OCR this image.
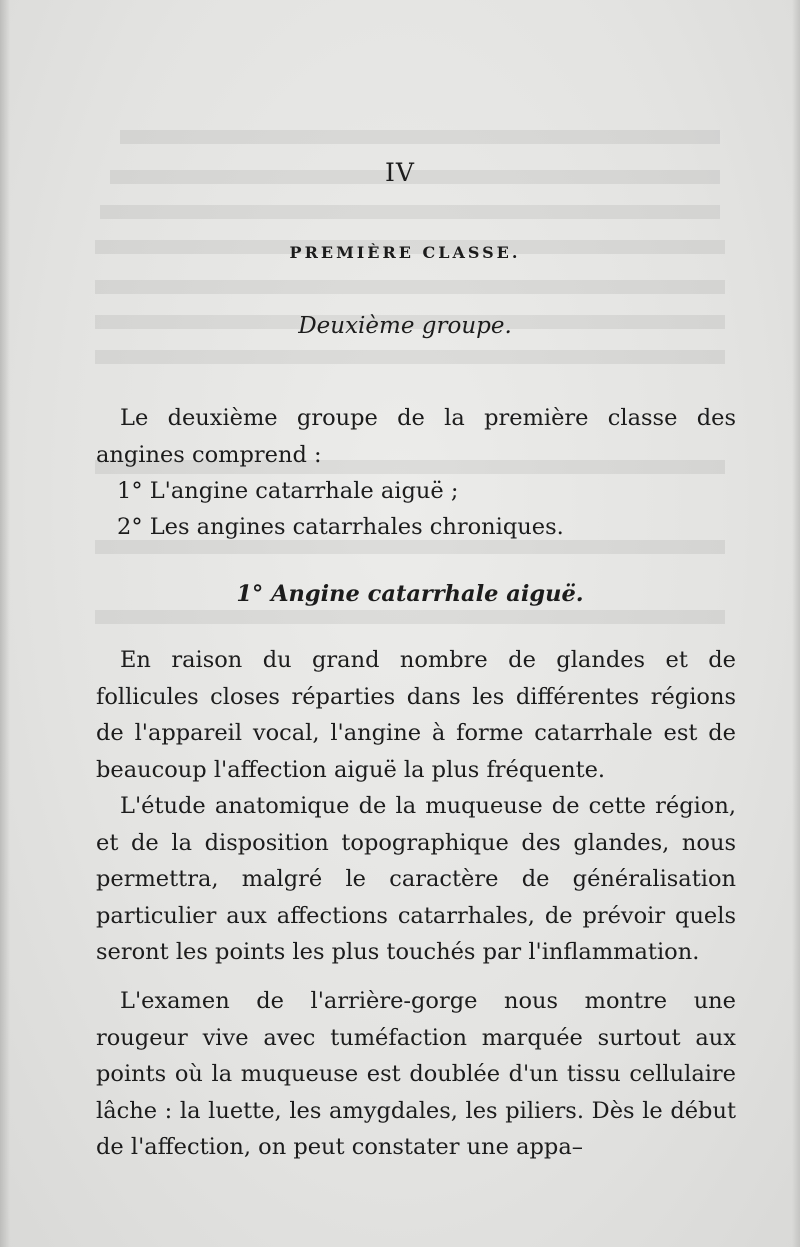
IV
PREMIÈRE CLASSE.
Deuxième groupe.

Le deuxième groupe de la première classe des angines comprend :

1° L'angine catarrhale aiguë ;

2° Les angines catarrhales chroniques.

1° Angine catarrhale aiguë.

En raison du grand nombre de glandes et de follicules closes réparties dans les différentes régions de l'appareil vocal, l'angine à forme catarrhale est de beaucoup l'affection aiguë la plus fréquente.

L'étude anatomique de la muqueuse de cette région, et de la disposition topographique des glandes, nous permettra, malgré le caractère de généralisation particulier aux affections catarrhales, de prévoir quels seront les points les plus touchés par l'inflammation.

L'examen de l'arrière-gorge nous montre une rougeur vive avec tuméfaction marquée surtout aux points où la muqueuse est doublée d'un tissu cellulaire lâche : la luette, les amygdales, les piliers. Dès le début de l'affection, on peut constater une appa–
